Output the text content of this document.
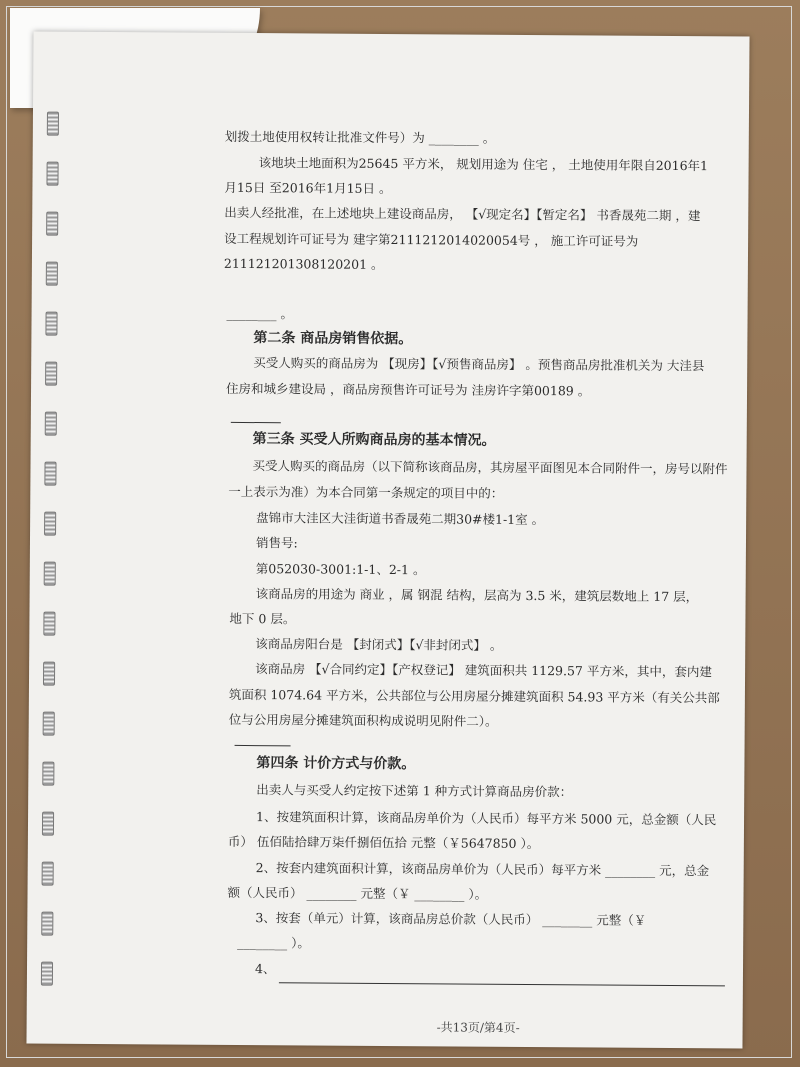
划拨土地使用权转让批准文件号）为 ________ 。
该地块土地面积为25645 平方米， 规划用途为 住宅 ， 土地使用年限自2016年1
月15日 至2016年1月15日 。
出卖人经批准，在上述地块上建设商品房， 【√现定名】【暂定名】 书香晟苑二期 ，建
设工程规划许可证号为 建字第2111212014020054号 ， 施工许可证号为
211121201308120201 。
________ 。
第二条 商品房销售依据。
买受人购买的商品房为 【现房】【√预售商品房】 。预售商品房批准机关为 大洼县
住房和城乡建设局 ，商品房预售许可证号为 洼房许字第00189 。
第三条 买受人所购商品房的基本情况。
买受人购买的商品房（以下简称该商品房，其房屋平面图见本合同附件一，房号以附件
一上表示为准）为本合同第一条规定的项目中的：
盘锦市大洼区大洼街道书香晟苑二期30#楼1-1室 。
销售号:
第052030-3001:1-1、2-1 。
该商品房的用途为 商业 ，属 钢混 结构，层高为 3.5 米，建筑层数地上 17 层，
地下 0 层。
该商品房阳台是 【封闭式】【√非封闭式】 。
该商品房 【√合同约定】【产权登记】 建筑面积共 1129.57 平方米，其中，套内建
筑面积 1074.64 平方米，公共部位与公用房屋分摊建筑面积 54.93 平方米（有关公共部
位与公用房屋分摊建筑面积构成说明见附件二）。
第四条 计价方式与价款。
出卖人与买受人约定按下述第 1 种方式计算商品房价款：
1、按建筑面积计算，该商品房单价为（人民币）每平方米 5000 元，总金额（人民
币） 伍佰陆拾肆万柒仟捌佰伍拾 元整（￥5647850 ）。
2、按套内建筑面积计算，该商品房单价为（人民币）每平方米 ________ 元，总金
额（人民币） ________ 元整（￥ ________ ）。
3、按套（单元）计算，该商品房总价款（人民币） ________ 元整（￥
________ ）。
4、
-共13页/第4页-
